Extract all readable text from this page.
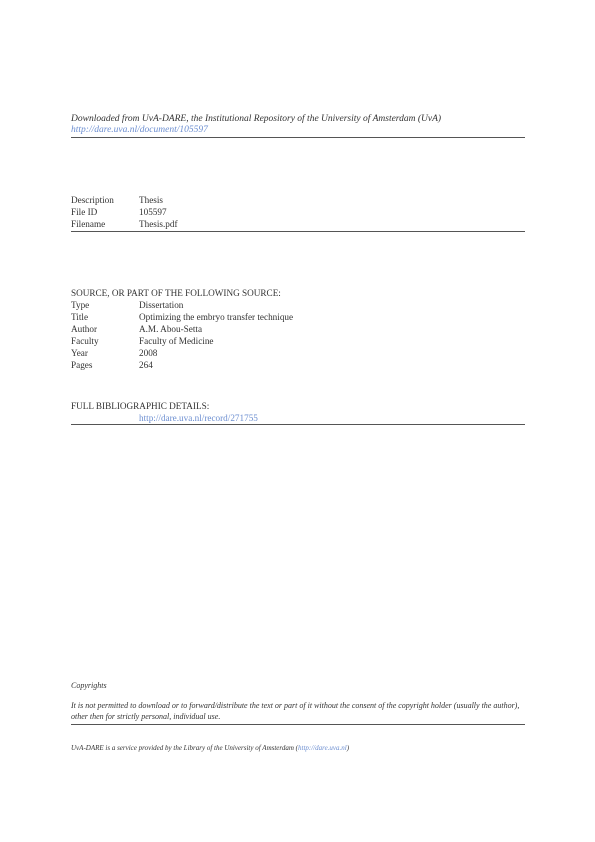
Downloaded from UvA-DARE, the Institutional Repository of the University of Amsterdam (UvA)
http://dare.uva.nl/document/105597
Description	Thesis
File ID	105597
Filename	Thesis.pdf
SOURCE, OR PART OF THE FOLLOWING SOURCE:
Type	Dissertation
Title	Optimizing the embryo transfer technique
Author	A.M. Abou-Setta
Faculty	Faculty of Medicine
Year	2008
Pages	264
FULL BIBLIOGRAPHIC DETAILS:
http://dare.uva.nl/record/271755
Copyrights
It is not permitted to download or to forward/distribute the text or part of it without the consent of the copyright holder (usually the author), other then for strictly personal, individual use.
UvA-DARE is a service provided by the Library of the University of Amsterdam (http://dare.uva.nl)
